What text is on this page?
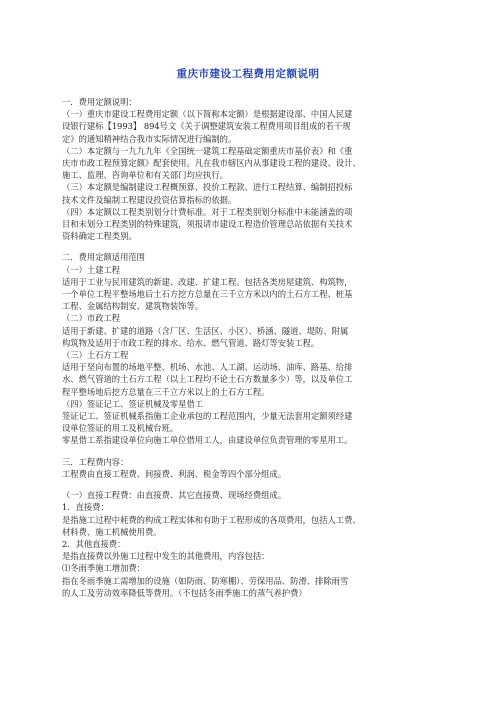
重庆市建设工程费用定额说明
一．费用定额说明：
（一）重庆市建设工程费用定额（以下简称本定额）是根据建设部、中国人民建
设银行建标【1993】 894号文《关于调整建筑安装工程费用项目组成的若干规
定》的通知精神结合我市实际情况进行编制的。
（二）本定额与一九九九年《全国统一建筑工程基础定额重庆市基价表》和《重
庆市市政工程预算定额》配套使用。凡在我市辖区内从事建设工程的建设、设计、
施工、监理、咨询单位和有关部门均应执行。
（三）本定额是编制建设工程概预算、投价工程款、进行工程结算、编制招投标
技术文件及编制工程建设投资估算指标的依据。
（四）本定额以工程类别划分计费标准。对于工程类别划分标准中未能涵盖的项
目和未划分工程类别的特殊建筑，须报请市建设工程造价管理总站依据有关技术
资料确定工程类别。
二．费用定额适用范围
（一）土建工程
适用于工业与民用建筑的新建、改建、扩建工程。包括各类房屋建筑、构筑物，
一个单位工程平整场地后土石方挖方总量在三千立方米以内的土石方工程、桩基
工程、金属结构制安、建筑物装饰等。
（二）市政工程
适用于新建、扩建的道路（含厂区、生活区、小区）、桥涵、隧道、堤防、附属
构筑物及适用于市政工程的排水、给水、燃气管道、路灯等安装工程。
（三）土石方工程
适用于坚向布置的场地平整、机场、水池、人工湖、运动场、油库、路基、给排
水、燃气管道的土石方工程（以上工程均不论土石方数量多少）等，以及单位工
程平整场地后挖方总量在三千立方米以上的土石方工程。
（四）签证记工、签证机械及零星借工
签证记工、签证机械系指施工企业承包的工程范围内，少量无法套用定额须经建
设单位签证的用工及机械台班。
零星借工系指建设单位向施工单位借用工人，由建设单位负责管理的零星用工。
三．工程费内容：
工程费由直接工程费、间接费、利润、税金等四个部分组成。
（一）直接工程费：由直接费、其它直接费、现场经费组成。
1．直接费：
是指施工过程中耗费的构成工程实体和有助于工程形成的各项费用，包括人工费、
材料费、施工机械使用费。
2．其他直接费：
是指直接费以外施工过程中发生的其他费用，内容包括：
⑴冬雨季施工增加费：
指在冬雨季施工需增加的设施（如防雨、防寒棚）、劳保用品、防滑、排除雨雪
的人工及劳动效率降低等费用。（不包括冬雨季施工的蒸气养护费）
